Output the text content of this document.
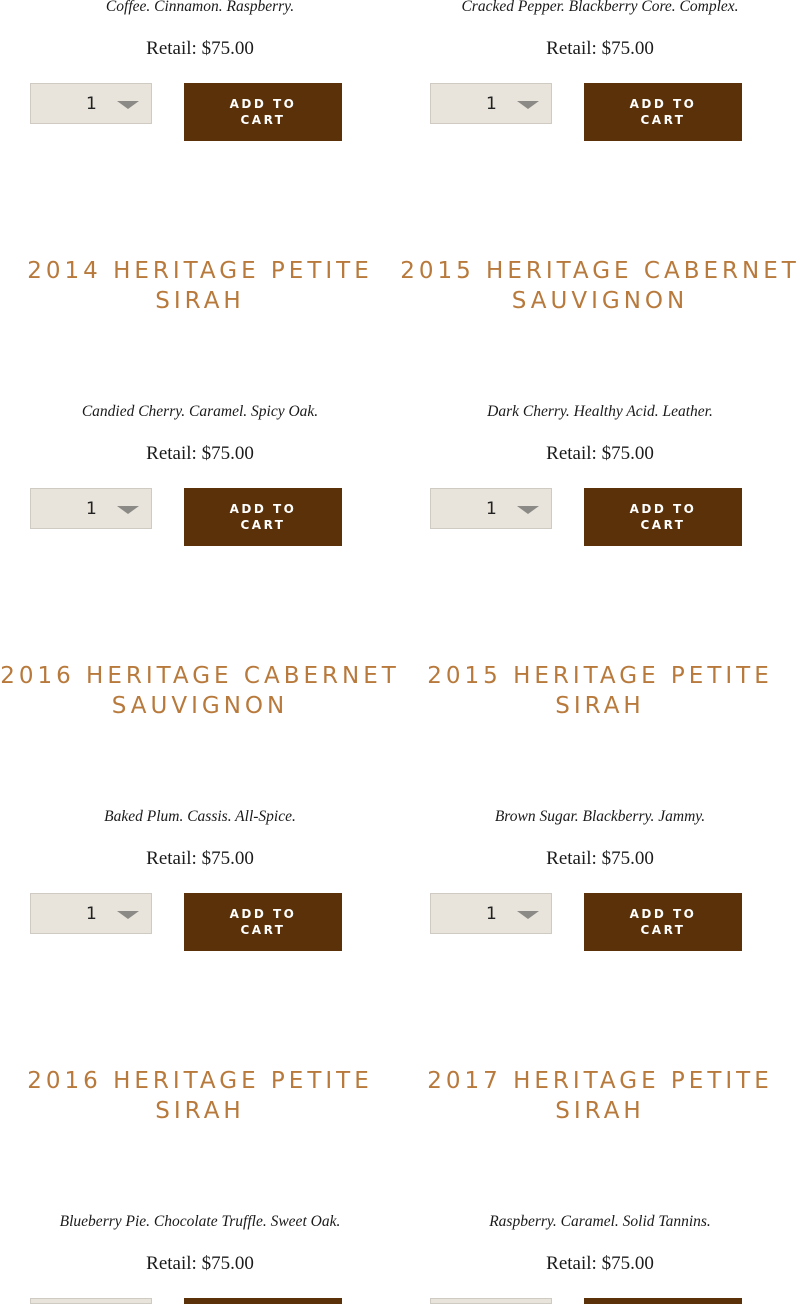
Coffee. Cinnamon. Raspberry.
Retail: $75.00
1	ADD TO CART
Cracked Pepper. Blackberry Core. Complex.
Retail: $75.00
1	ADD TO CART
2014 HERITAGE PETITE SIRAH
Candied Cherry. Caramel. Spicy Oak.
Retail: $75.00
1	ADD TO CART
2015 HERITAGE CABERNET SAUVIGNON
Dark Cherry. Healthy Acid. Leather.
Retail: $75.00
1	ADD TO CART
2016 HERITAGE CABERNET SAUVIGNON
Baked Plum. Cassis. All-Spice.
Retail: $75.00
1	ADD TO CART
2015 HERITAGE PETITE SIRAH
Brown Sugar. Blackberry. Jammy.
Retail: $75.00
1	ADD TO CART
2016 HERITAGE PETITE SIRAH
Blueberry Pie. Chocolate Truffle. Sweet Oak.
Retail: $75.00
2017 HERITAGE PETITE SIRAH
Raspberry. Caramel. Solid Tannins.
Retail: $75.00
